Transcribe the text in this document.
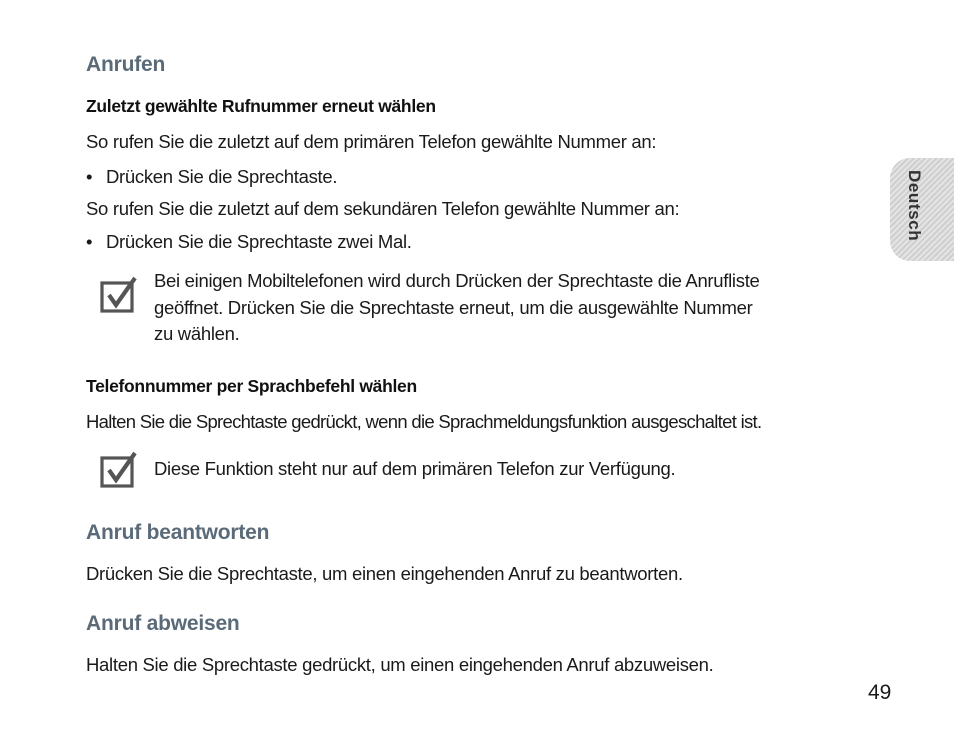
Deutsch
Anrufen
Zuletzt gewählte Rufnummer erneut wählen
So rufen Sie die zuletzt auf dem primären Telefon gewählte Nummer an:
• Drücken Sie die Sprechtaste.
So rufen Sie die zuletzt auf dem sekundären Telefon gewählte Nummer an:
• Drücken Sie die Sprechtaste zwei Mal.
Bei einigen Mobiltelefonen wird durch Drücken der Sprechtaste die Anrufliste
geöffnet. Drücken Sie die Sprechtaste erneut, um die ausgewählte Nummer
zu wählen.
Telefonnummer per Sprachbefehl wählen
Halten Sie die Sprechtaste gedrückt, wenn die Sprachmeldungsfunktion ausgeschaltet ist.
Diese Funktion steht nur auf dem primären Telefon zur Verfügung.
Anruf beantworten
Drücken Sie die Sprechtaste, um einen eingehenden Anruf zu beantworten.
Anruf abweisen
Halten Sie die Sprechtaste gedrückt, um einen eingehenden Anruf abzuweisen.
49
